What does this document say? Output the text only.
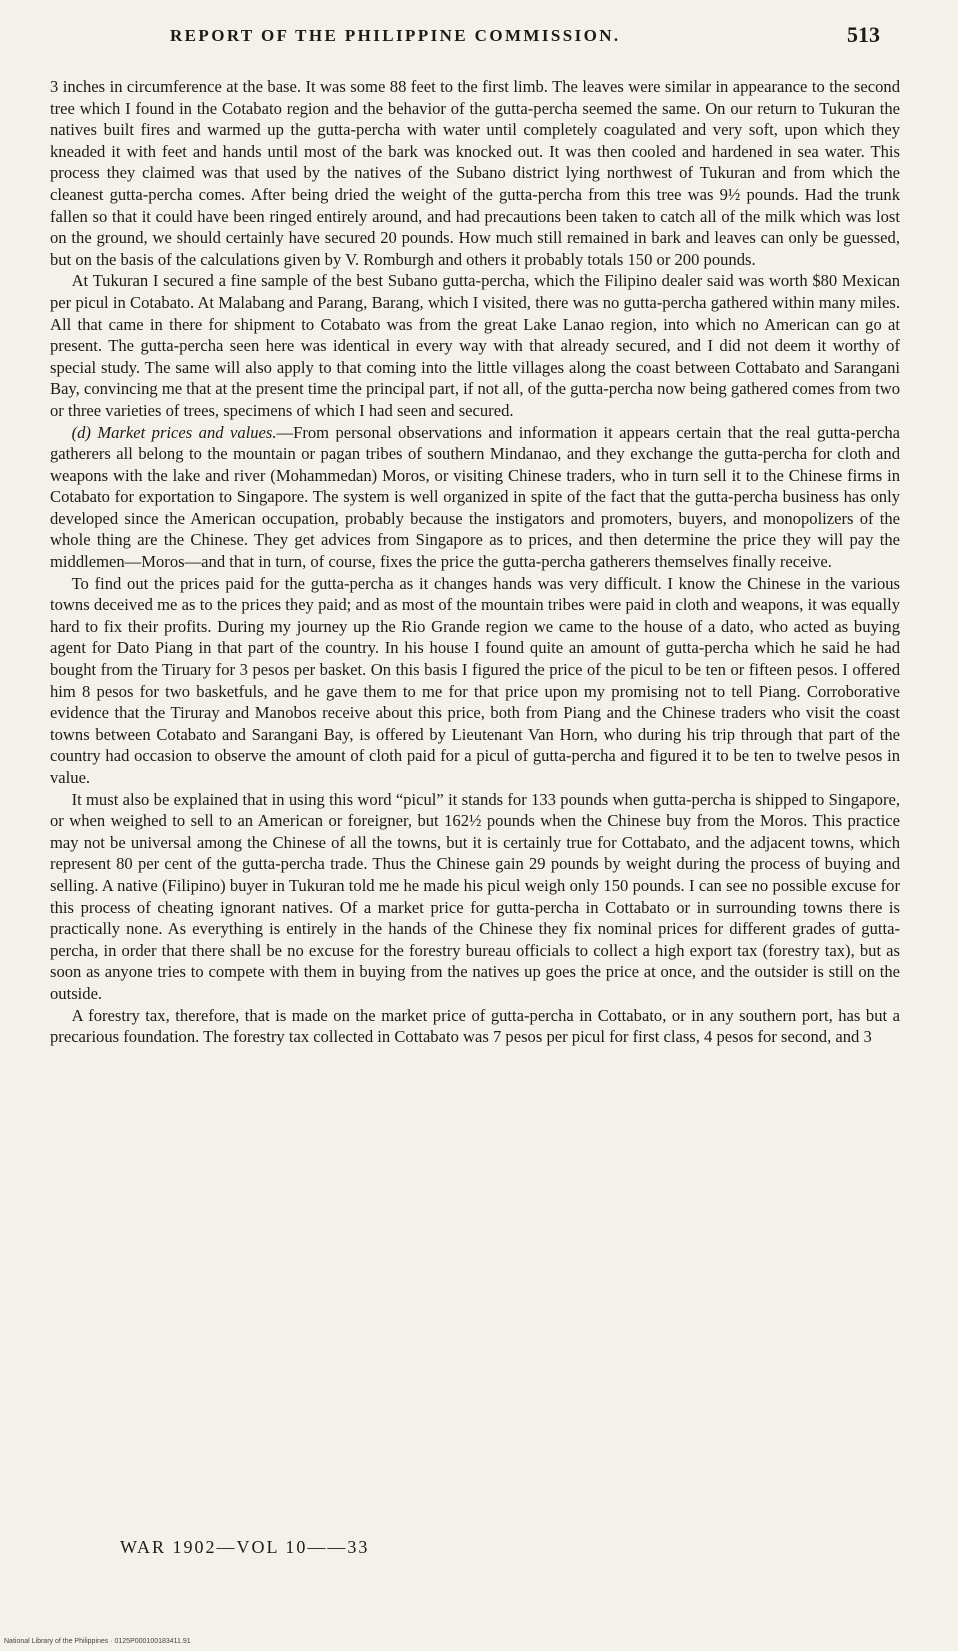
REPORT OF THE PHILIPPINE COMMISSION.	513

3 inches in circumference at the base. It was some 88 feet to the first limb. The leaves were similar in appearance to the second tree which I found in the Cotabato region and the behavior of the gutta-percha seemed the same. On our return to Tukuran the natives built fires and warmed up the gutta-percha with water until completely coagulated and very soft, upon which they kneaded it with feet and hands until most of the bark was knocked out. It was then cooled and hardened in sea water. This process they claimed was that used by the natives of the Subano district lying northwest of Tukuran and from which the cleanest gutta-percha comes. After being dried the weight of the gutta-percha from this tree was 9½ pounds. Had the trunk fallen so that it could have been ringed entirely around, and had precautions been taken to catch all of the milk which was lost on the ground, we should certainly have secured 20 pounds. How much still remained in bark and leaves can only be guessed, but on the basis of the calculations given by V. Romburgh and others it probably totals 150 or 200 pounds.

At Tukuran I secured a fine sample of the best Subano gutta-percha, which the Filipino dealer said was worth $80 Mexican per picul in Cotabato. At Malabang and Parang, Barang, which I visited, there was no gutta-percha gathered within many miles. All that came in there for shipment to Cotabato was from the great Lake Lanao region, into which no American can go at present. The gutta-percha seen here was identical in every way with that already secured, and I did not deem it worthy of special study. The same will also apply to that coming into the little villages along the coast between Cottabato and Sarangani Bay, convincing me that at the present time the principal part, if not all, of the gutta-percha now being gathered comes from two or three varieties of trees, specimens of which I had seen and secured.

(d) Market prices and values.—From personal observations and information it appears certain that the real gutta-percha gatherers all belong to the mountain or pagan tribes of southern Mindanao, and they exchange the gutta-percha for cloth and weapons with the lake and river (Mohammedan) Moros, or visiting Chinese traders, who in turn sell it to the Chinese firms in Cotabato for exportation to Singapore. The system is well organized in spite of the fact that the gutta-percha business has only developed since the American occupation, probably because the instigators and promoters, buyers, and monopolizers of the whole thing are the Chinese. They get advices from Singapore as to prices, and then determine the price they will pay the middlemen—Moros—and that in turn, of course, fixes the price the gutta-percha gatherers themselves finally receive.

To find out the prices paid for the gutta-percha as it changes hands was very difficult. I know the Chinese in the various towns deceived me as to the prices they paid; and as most of the mountain tribes were paid in cloth and weapons, it was equally hard to fix their profits. During my journey up the Rio Grande region we came to the house of a dato, who acted as buying agent for Dato Piang in that part of the country. In his house I found quite an amount of gutta-percha which he said he had bought from the Tiruary for 3 pesos per basket. On this basis I figured the price of the picul to be ten or fifteen pesos. I offered him 8 pesos for two basketfuls, and he gave them to me for that price upon my promising not to tell Piang. Corroborative evidence that the Tiruray and Manobos receive about this price, both from Piang and the Chinese traders who visit the coast towns between Cotabato and Sarangani Bay, is offered by Lieutenant Van Horn, who during his trip through that part of the country had occasion to observe the amount of cloth paid for a picul of gutta-percha and figured it to be ten to twelve pesos in value.

It must also be explained that in using this word “picul” it stands for 133 pounds when gutta-percha is shipped to Singapore, or when weighed to sell to an American or foreigner, but 162½ pounds when the Chinese buy from the Moros. This practice may not be universal among the Chinese of all the towns, but it is certainly true for Cottabato, and the adjacent towns, which represent 80 per cent of the gutta-percha trade. Thus the Chinese gain 29 pounds by weight during the process of buying and selling. A native (Filipino) buyer in Tukuran told me he made his picul weigh only 150 pounds. I can see no possible excuse for this process of cheating ignorant natives. Of a market price for gutta-percha in Cottabato or in surrounding towns there is practically none. As everything is entirely in the hands of the Chinese they fix nominal prices for different grades of gutta-percha, in order that there shall be no excuse for the forestry bureau officials to collect a high export tax (forestry tax), but as soon as anyone tries to compete with them in buying from the natives up goes the price at once, and the outsider is still on the outside.

A forestry tax, therefore, that is made on the market price of gutta-percha in Cottabato, or in any southern port, has but a precarious foundation. The forestry tax collected in Cottabato was 7 pesos per picul for first class, 4 pesos for second, and 3

WAR 1902—VOL 10——33
National Library of the Philippines · 0125P000100183411.91
